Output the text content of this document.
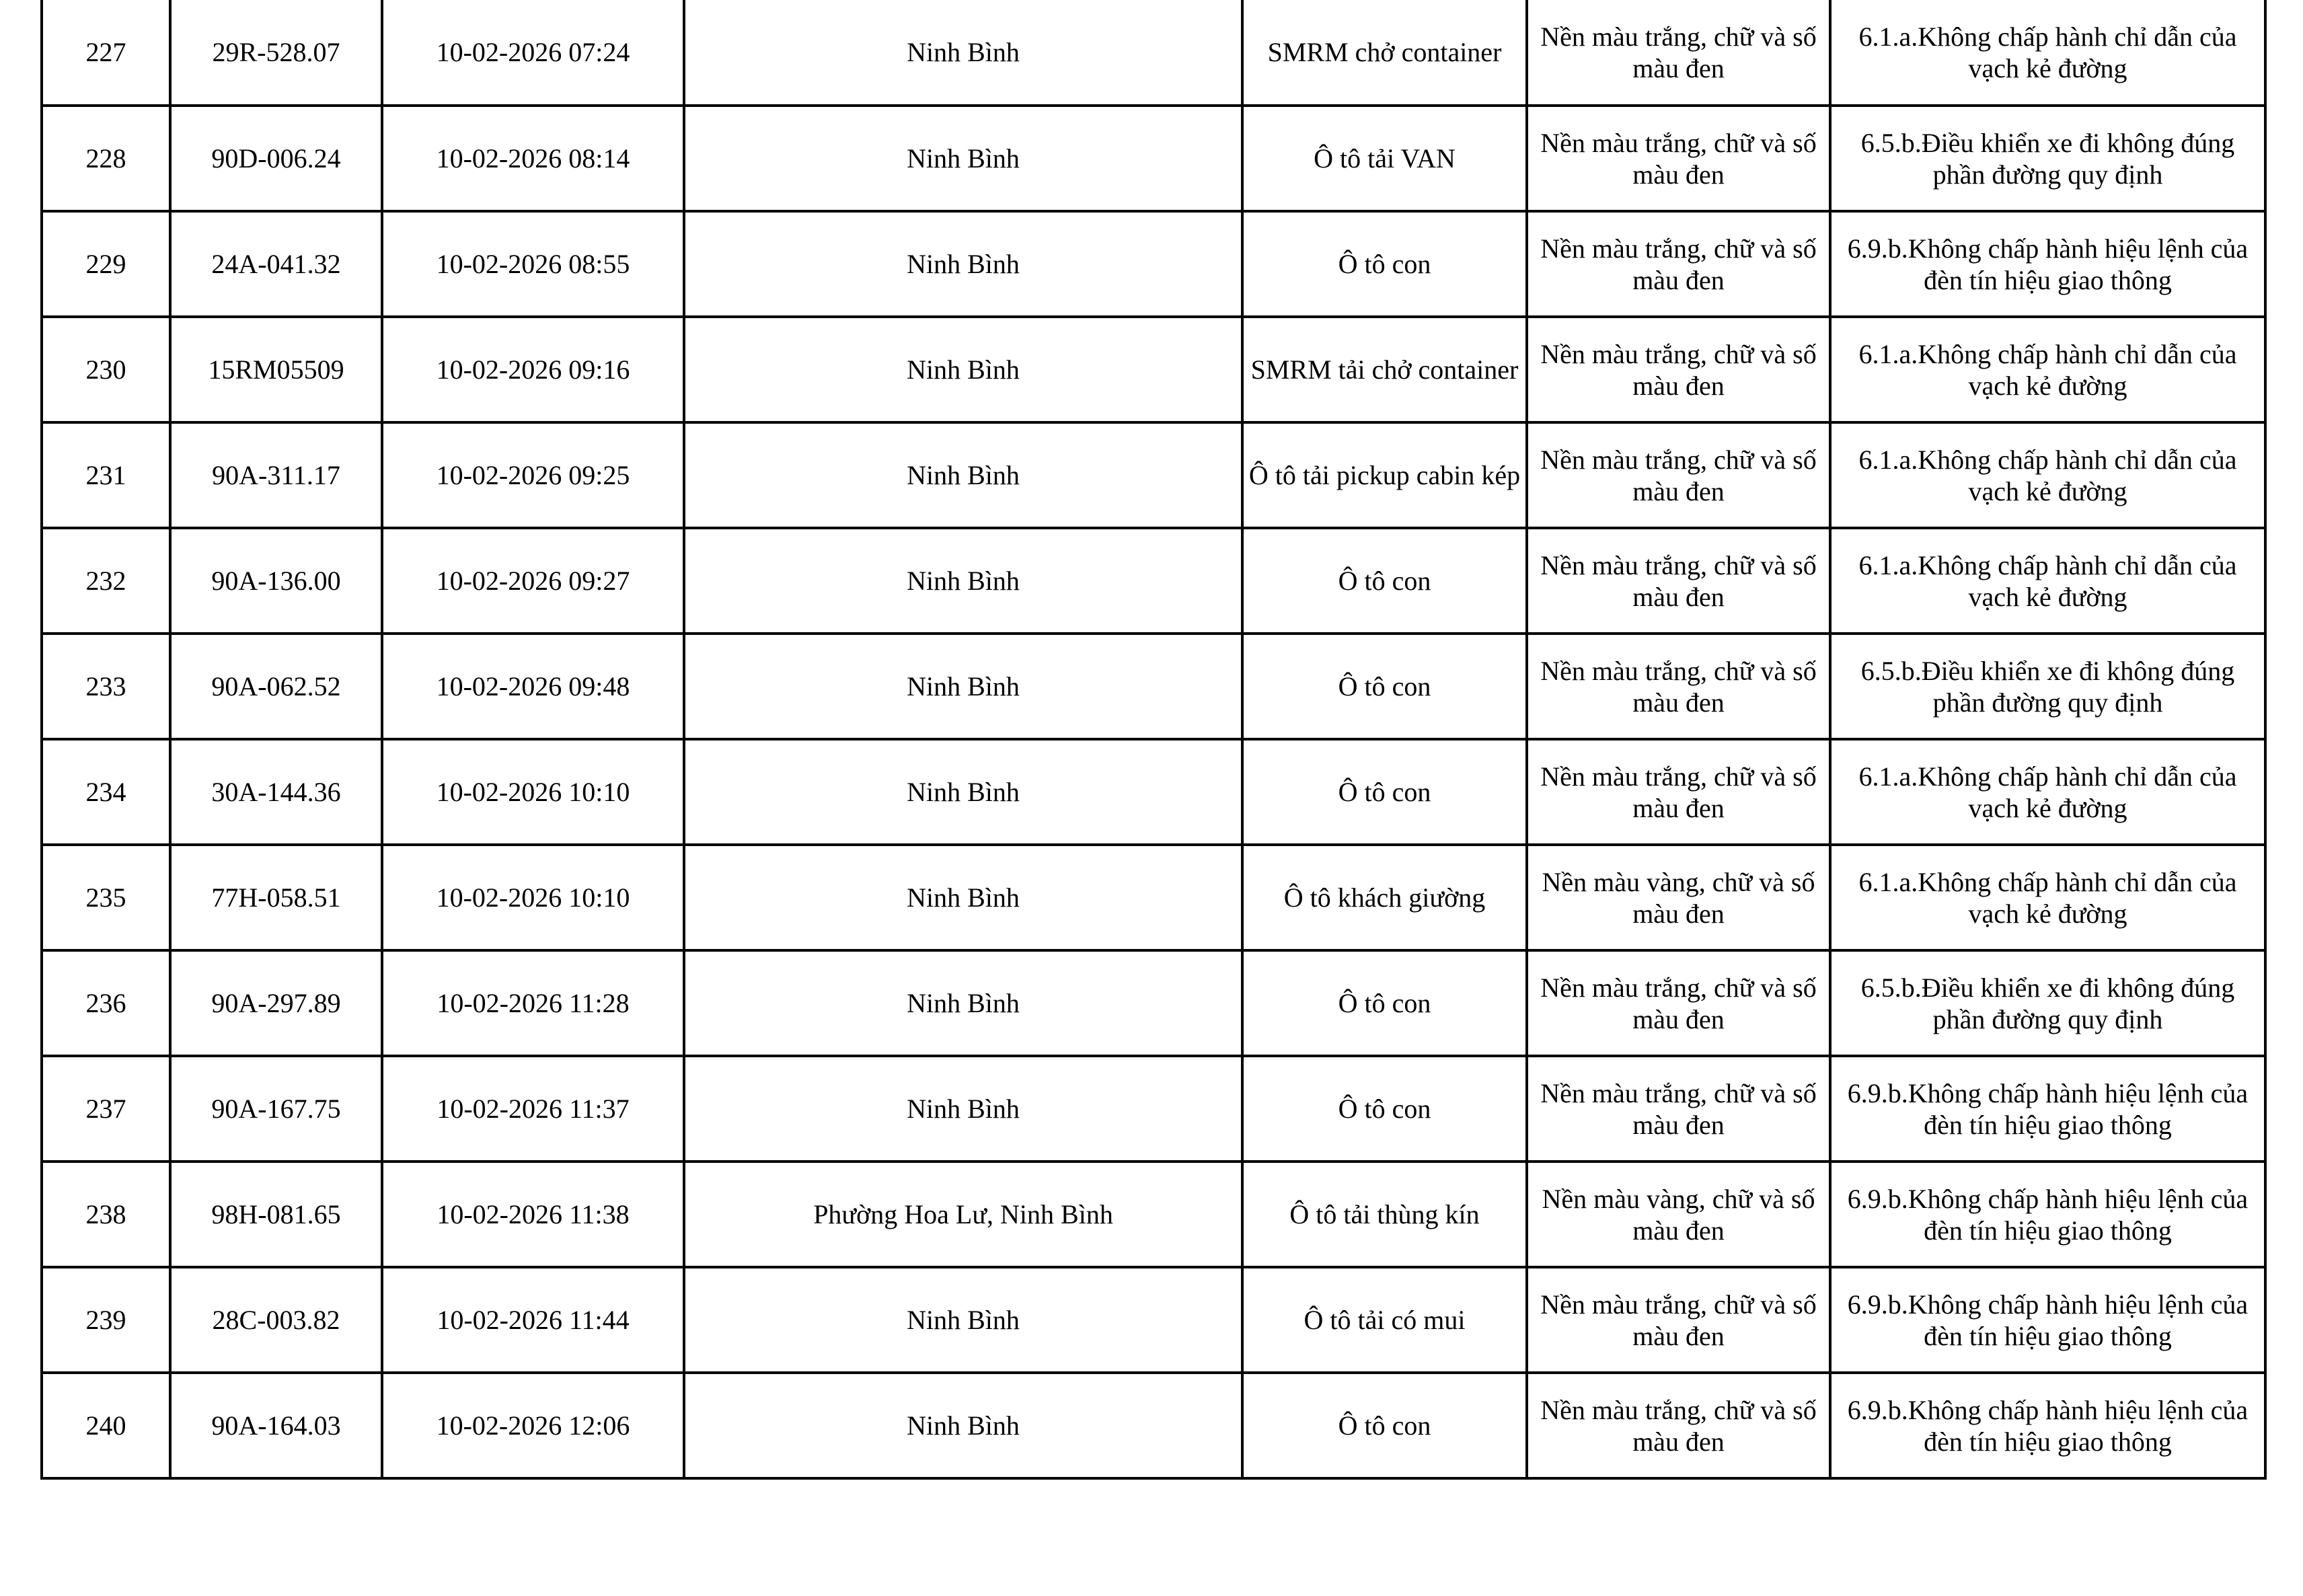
227	29R-528.07	10-02-2026 07:24	Ninh Bình	SMRM chở container	Nền màu trắng, chữ và số màu đen	6.1.a.Không chấp hành chỉ dẫn của vạch kẻ đường
228	90D-006.24	10-02-2026 08:14	Ninh Bình	Ô tô tải VAN	Nền màu trắng, chữ và số màu đen	6.5.b.Điều khiển xe đi không đúng phần đường quy định
229	24A-041.32	10-02-2026 08:55	Ninh Bình	Ô tô con	Nền màu trắng, chữ và số màu đen	6.9.b.Không chấp hành hiệu lệnh của đèn tín hiệu giao thông
230	15RM05509	10-02-2026 09:16	Ninh Bình	SMRM tải chở container	Nền màu trắng, chữ và số màu đen	6.1.a.Không chấp hành chỉ dẫn của vạch kẻ đường
231	90A-311.17	10-02-2026 09:25	Ninh Bình	Ô tô tải pickup cabin kép	Nền màu trắng, chữ và số màu đen	6.1.a.Không chấp hành chỉ dẫn của vạch kẻ đường
232	90A-136.00	10-02-2026 09:27	Ninh Bình	Ô tô con	Nền màu trắng, chữ và số màu đen	6.1.a.Không chấp hành chỉ dẫn của vạch kẻ đường
233	90A-062.52	10-02-2026 09:48	Ninh Bình	Ô tô con	Nền màu trắng, chữ và số màu đen	6.5.b.Điều khiển xe đi không đúng phần đường quy định
234	30A-144.36	10-02-2026 10:10	Ninh Bình	Ô tô con	Nền màu trắng, chữ và số màu đen	6.1.a.Không chấp hành chỉ dẫn của vạch kẻ đường
235	77H-058.51	10-02-2026 10:10	Ninh Bình	Ô tô khách giường	Nền màu vàng, chữ và số màu đen	6.1.a.Không chấp hành chỉ dẫn của vạch kẻ đường
236	90A-297.89	10-02-2026 11:28	Ninh Bình	Ô tô con	Nền màu trắng, chữ và số màu đen	6.5.b.Điều khiển xe đi không đúng phần đường quy định
237	90A-167.75	10-02-2026 11:37	Ninh Bình	Ô tô con	Nền màu trắng, chữ và số màu đen	6.9.b.Không chấp hành hiệu lệnh của đèn tín hiệu giao thông
238	98H-081.65	10-02-2026 11:38	Phường Hoa Lư, Ninh Bình	Ô tô tải thùng kín	Nền màu vàng, chữ và số màu đen	6.9.b.Không chấp hành hiệu lệnh của đèn tín hiệu giao thông
239	28C-003.82	10-02-2026 11:44	Ninh Bình	Ô tô tải có mui	Nền màu trắng, chữ và số màu đen	6.9.b.Không chấp hành hiệu lệnh của đèn tín hiệu giao thông
240	90A-164.03	10-02-2026 12:06	Ninh Bình	Ô tô con	Nền màu trắng, chữ và số màu đen	6.9.b.Không chấp hành hiệu lệnh của đèn tín hiệu giao thông
